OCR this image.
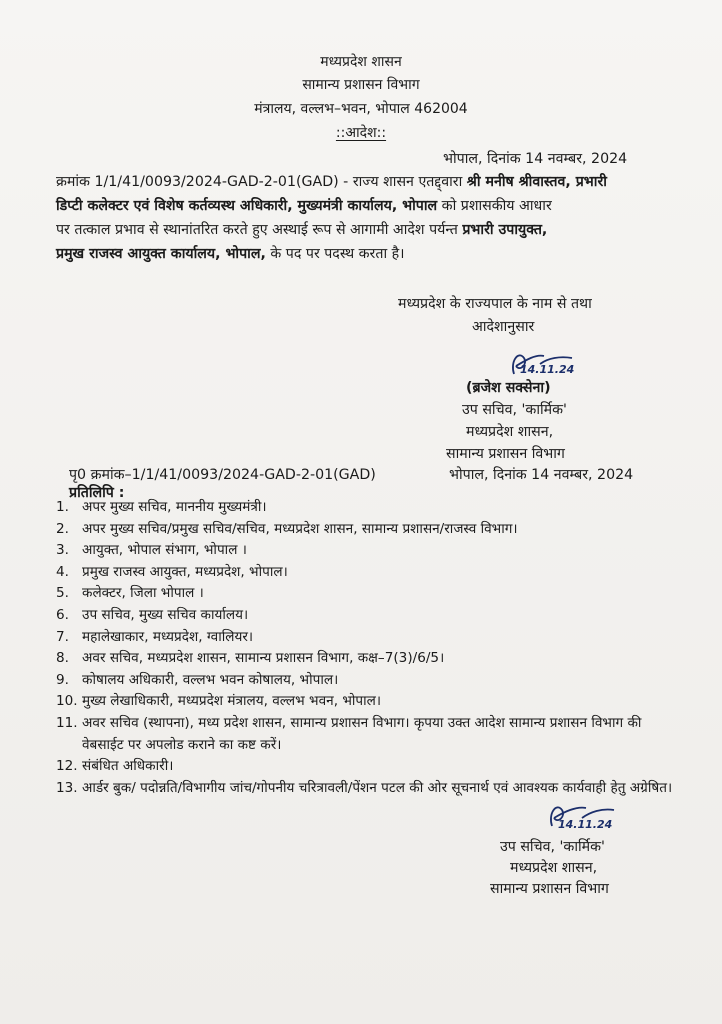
मध्यप्रदेश शासन
सामान्य प्रशासन विभाग
मंत्रालय, वल्लभ–भवन, भोपाल 462004
::आदेश::
भोपाल, दिनांक 14 नवम्बर, 2024
क्रमांक 1/1/41/0093/2024-GAD-2-01(GAD) - राज्य शासन एतद्द्वारा श्री मनीष श्रीवास्तव, प्रभारी
डिप्टी कलेक्टर एवं विशेष कर्तव्यस्थ अधिकारी, मुख्यमंत्री कार्यालय, भोपाल को प्रशासकीय आधार
पर तत्काल प्रभाव से स्थानांतरित करते हुए अस्थाई रूप से आगामी आदेश पर्यन्त प्रभारी उपायुक्त,
प्रमुख राजस्व आयुक्त कार्यालय, भोपाल, के पद पर पदस्थ करता है।
मध्यप्रदेश के राज्यपाल के नाम से तथा
आदेशानुसार
14.11.24
(ब्रजेश सक्सेना)
उप सचिव, 'कार्मिक'
मध्यप्रदेश शासन,
सामान्य प्रशासन विभाग
पृ0 क्रमांक–1/1/41/0093/2024-GAD-2-01(GAD)	भोपाल, दिनांक 14 नवम्बर, 2024
प्रतिलिपि :
1. अपर मुख्य सचिव, माननीय मुख्यमंत्री।
2. अपर मुख्य सचिव/प्रमुख सचिव/सचिव, मध्यप्रदेश शासन, सामान्य प्रशासन/राजस्व विभाग।
3. आयुक्त, भोपाल संभाग, भोपाल ।
4. प्रमुख राजस्व आयुक्त, मध्यप्रदेश, भोपाल।
5. कलेक्टर, जिला भोपाल ।
6. उप सचिव, मुख्य सचिव कार्यालय।
7. महालेखाकार, मध्यप्रदेश, ग्वालियर।
8. अवर सचिव, मध्यप्रदेश शासन, सामान्य प्रशासन विभाग, कक्ष–7(3)/6/5।
9. कोषालय अधिकारी, वल्लभ भवन कोषालय, भोपाल।
10. मुख्य लेखाधिकारी, मध्यप्रदेश मंत्रालय, वल्लभ भवन, भोपाल।
11. अवर सचिव (स्थापना), मध्य प्रदेश शासन, सामान्य प्रशासन विभाग। कृपया उक्त आदेश सामान्य प्रशासन विभाग की वेबसाईट पर अपलोड कराने का कष्ट करें।
12. संबंधित अधिकारी।
13. आर्डर बुक/ पदोन्नति/विभागीय जांच/गोपनीय चरित्रावली/पेंशन पटल की ओर सूचनार्थ एवं आवश्यक कार्यवाही हेतु अग्रेषित।
14.11.24
उप सचिव, 'कार्मिक'
मध्यप्रदेश शासन,
सामान्य प्रशासन विभाग
